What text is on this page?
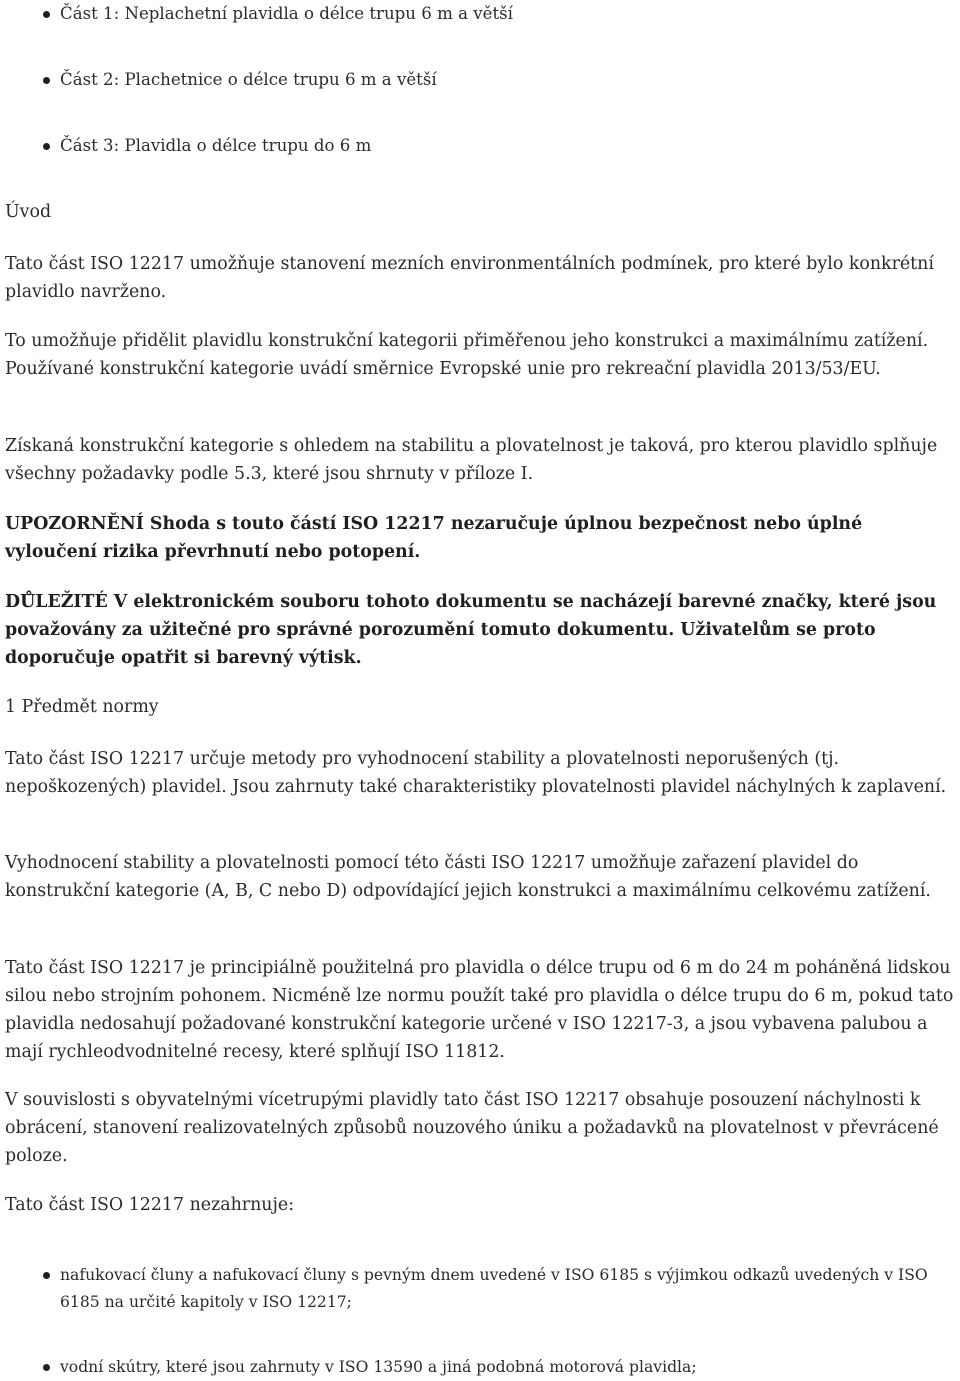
Část 1: Neplachetní plavidla o délce trupu 6 m a větší
Část 2: Plachetnice o délce trupu 6 m a větší
Část 3: Plavidla o délce trupu do 6 m

Úvod

Tato část ISO 12217 umožňuje stanovení mezních environmentálních podmínek, pro které bylo konkrétní plavidlo navrženo.

To umožňuje přidělit plavidlu konstrukční kategorii přiměřenou jeho konstrukci a maximálnímu zatížení. Používané konstrukční kategorie uvádí směrnice Evropské unie pro rekreační plavidla 2013/53/EU.

Získaná konstrukční kategorie s ohledem na stabilitu a plovatelnost je taková, pro kterou plavidlo splňuje všechny požadavky podle 5.3, které jsou shrnuty v příloze I.

UPOZORNĚNÍ Shoda s touto částí ISO 12217 nezaručuje úplnou bezpečnost nebo úplné vyloučení rizika převrhnutí nebo potopení.

DŮLEŽITÉ V elektronickém souboru tohoto dokumentu se nacházejí barevné značky, které jsou považovány za užitečné pro správné porozumění tomuto dokumentu. Uživatelům se proto doporučuje opatřit si barevný výtisk.

1 Předmět normy

Tato část ISO 12217 určuje metody pro vyhodnocení stability a plovatelnosti neporušených (tj. nepoškozených) plavidel. Jsou zahrnuty také charakteristiky plovatelnosti plavidel náchylných k zaplavení.

Vyhodnocení stability a plovatelnosti pomocí této části ISO 12217 umožňuje zařazení plavidel do konstrukční kategorie (A, B, C nebo D) odpovídající jejich konstrukci a maximálnímu celkovému zatížení.

Tato část ISO 12217 je principiálně použitelná pro plavidla o délce trupu od 6 m do 24 m poháněná lidskou silou nebo strojním pohonem. Nicméně lze normu použít také pro plavidla o délce trupu do 6 m, pokud tato plavidla nedosahují požadované konstrukční kategorie určené v ISO 12217-3, a jsou vybavena palubou a mají rychleodvodnitelné recesy, které splňují ISO 11812.

V souvislosti s obyvatelnými vícetrupými plavidly tato část ISO 12217 obsahuje posouzení náchylnosti k obrácení, stanovení realizovatelných způsobů nouzového úniku a požadavků na plovatelnost v převrácené poloze.

Tato část ISO 12217 nezahrnuje:

nafukovací čluny a nafukovací čluny s pevným dnem uvedené v ISO 6185 s výjimkou odkazů uvedených v ISO 6185 na určité kapitoly v ISO 12217;
vodní skútry, které jsou zahrnuty v ISO 13590 a jiná podobná motorová plavidla;
